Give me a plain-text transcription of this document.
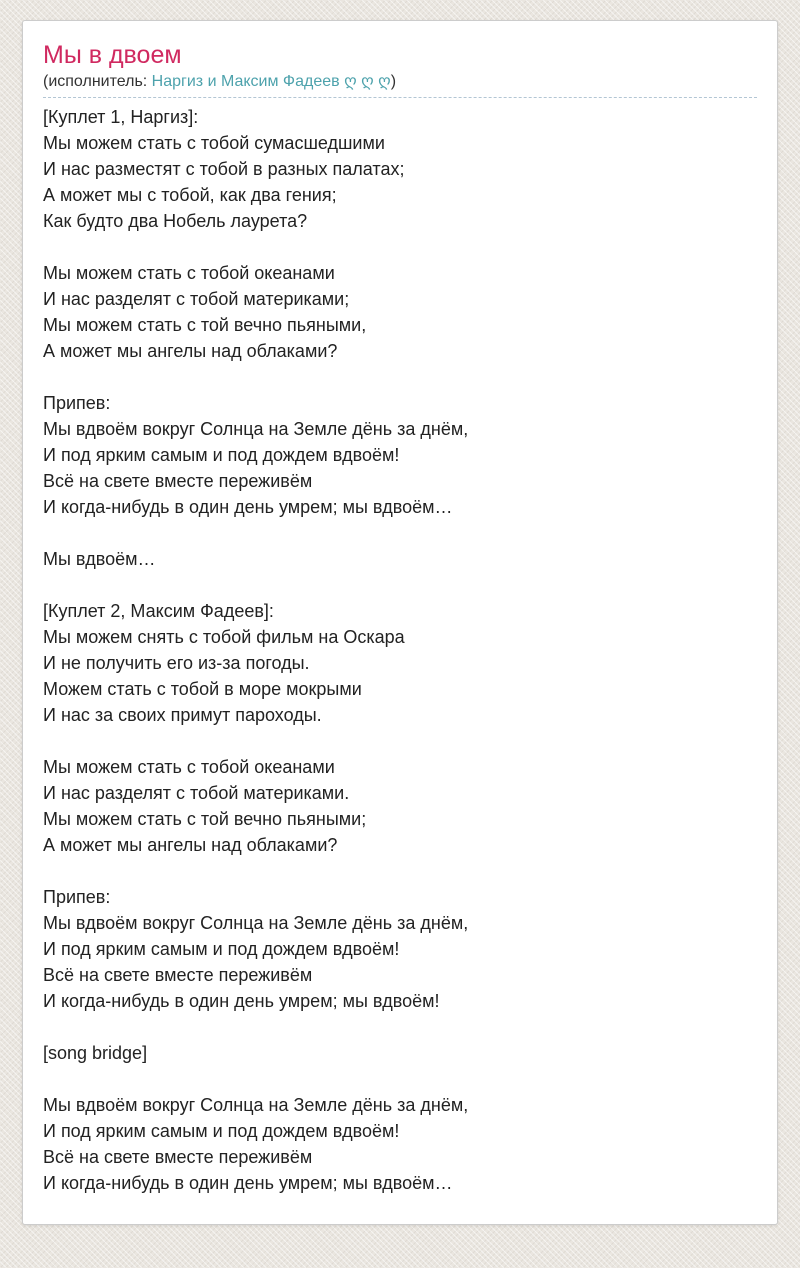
Мы в двоем
(исполнитель: Наргиз и Максим Фадеев ღ ღ ღ)
[Куплет 1, Наргиз]:
Мы можем стать с тобой сумасшедшими
И нас разместят с тобой в разных палатах;
А может мы с тобой, как два гения;
Как будто два Нобель лаурета?
Мы можем стать с тобой океанами
И нас разделят с тобой материками;
Мы можем стать с той вечно пьяными,
А может мы ангелы над облаками?
Припев:
Мы вдвоём вокруг Солнца на Земле дёнь за днём,
И под ярким самым и под дождем вдвоём!
Всё на свете вместе переживём
И когда-нибудь в один день умрем; мы вдвоём…
Мы вдвоём…
[Куплет 2, Максим Фадеев]:
Мы можем снять с тобой фильм на Оскара
И не получить его из-за погоды.
Можем стать с тобой в море мокрыми
И нас за своих примут пароходы.
Мы можем стать с тобой океанами
И нас разделят с тобой материками.
Мы можем стать с той вечно пьяными;
А может мы ангелы над облаками?
Припев:
Мы вдвоём вокруг Солнца на Земле дёнь за днём,
И под ярким самым и под дождем вдвоём!
Всё на свете вместе переживём
И когда-нибудь в один день умрем; мы вдвоём!
[song bridge]
Мы вдвоём вокруг Солнца на Земле дёнь за днём,
И под ярким самым и под дождем вдвоём!
Всё на свете вместе переживём
И когда-нибудь в один день умрем; мы вдвоём…
